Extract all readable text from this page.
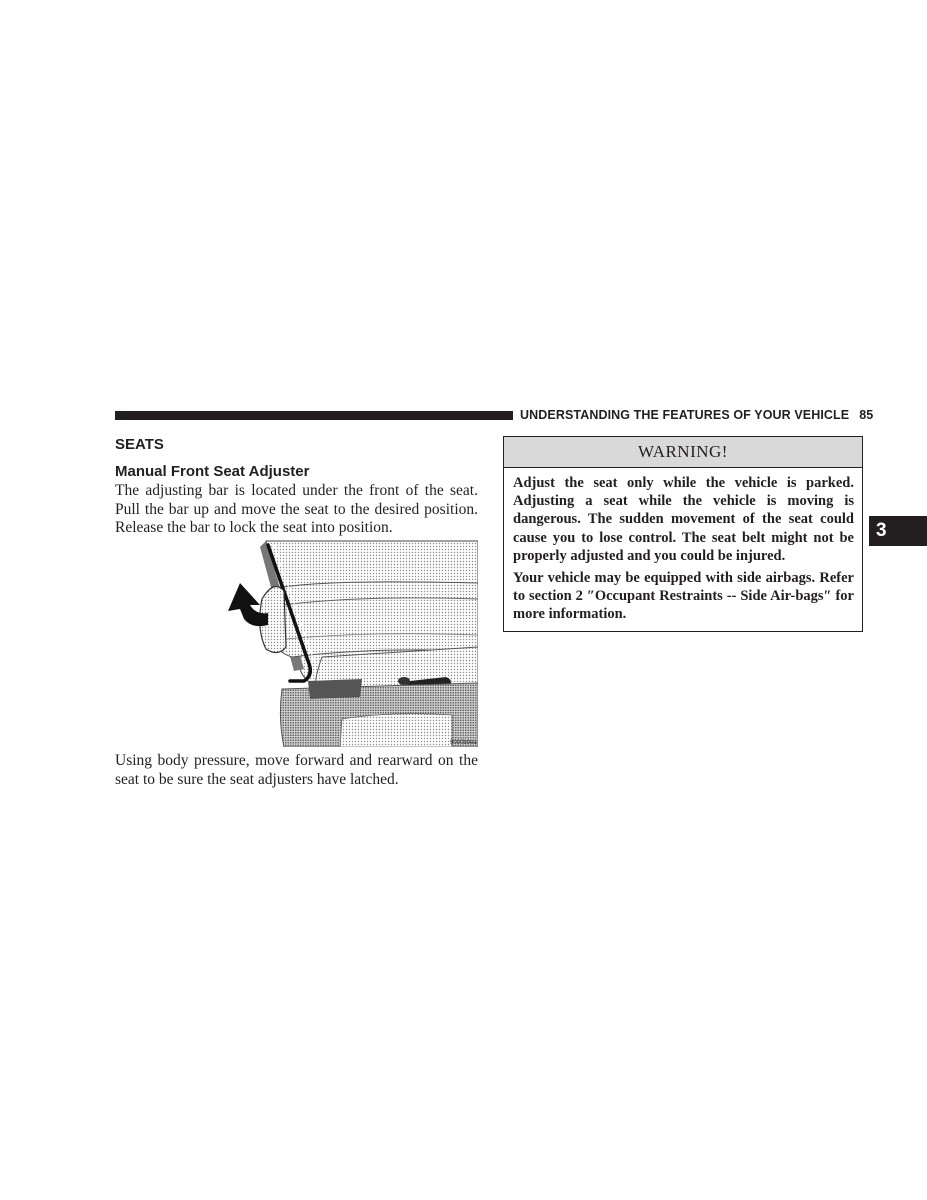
UNDERSTANDING THE FEATURES OF YOUR VEHICLE 85
SEATS
Manual Front Seat Adjuster

The adjusting bar is located under the front of the seat. Pull the bar up and move the seat to the desired position. Release the bar to lock the seat into position.

9000b0ea

Using body pressure, move forward and rearward on the seat to be sure the seat adjusters have latched.

WARNING!

Adjust the seat only while the vehicle is parked. Adjusting a seat while the vehicle is moving is dangerous. The sudden movement of the seat could cause you to lose control. The seat belt might not be properly adjusted and you could be injured.

Your vehicle may be equipped with side airbags. Refer to section 2 ″Occupant Restraints -- Side Air-bags″ for more information.

3
